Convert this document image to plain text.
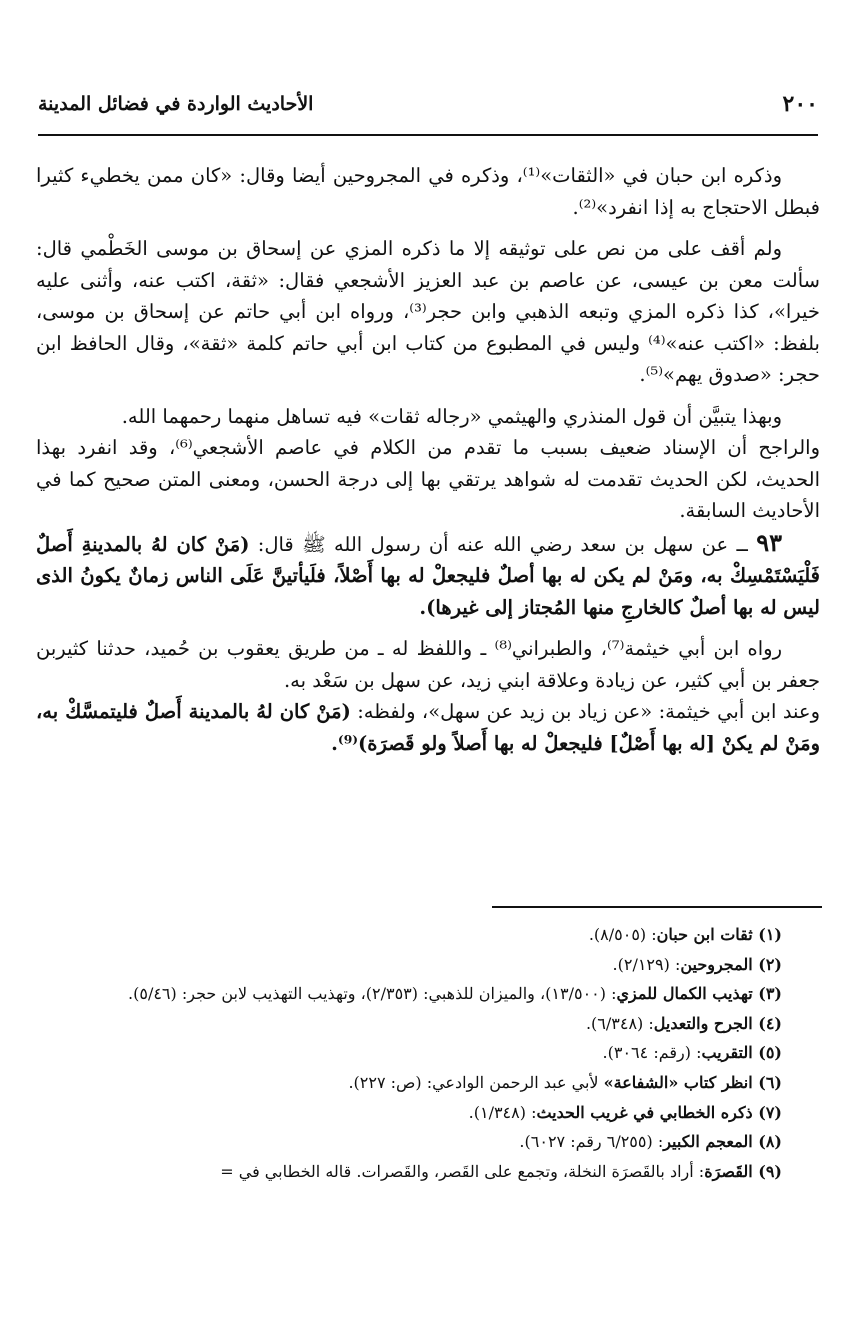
٢٠٠
الأحاديث الواردة في فضائل المدينة

وذكره ابن حبان في «الثقات»⁽¹⁾، وذكره في المجروحين أيضا وقال: «كان ممن يخطيء كثيرا فبطل الاحتجاج به إذا انفرد»⁽²⁾.

ولم أقف على من نص على توثيقه إلا ما ذكره المزي عن إسحاق بن موسى الخَطْمي قال: سألت معن بن عيسى، عن عاصم بن عبد العزيز الأشجعي فقال: «ثقة، اكتب عنه، وأثنى عليه خيرا»، كذا ذكره المزي وتبعه الذهبي وابن حجر⁽³⁾، ورواه ابن أبي حاتم عن إسحاق بن موسى، بلفظ: «اكتب عنه»⁽⁴⁾ وليس في المطبوع من كتاب ابن أبي حاتم كلمة «ثقة»، وقال الحافظ ابن حجر: «صدوق يهم»⁽⁵⁾.

وبهذا يتبيَّن أن قول المنذري والهيثمي «رجاله ثقات» فيه تساهل منهما رحمهما الله.

والراجح أن الإسناد ضعيف بسبب ما تقدم من الكلام في عاصم الأشجعي⁽⁶⁾، وقد انفرد بهذا الحديث، لكن الحديث تقدمت له شواهد يرتقي بها إلى درجة الحسن، ومعنى المتن صحيح كما في الأحاديث السابقة.

٩٣ ــ عن سهل بن سعد رضي الله عنه أن رسول الله ﷺ قال: (مَنْ كان لهُ بالمدينةِ أَصلٌ فَلْيَسْتَمْسِكْ به، ومَنْ لم يكن له بها أصلٌ فليجعلْ له بها أَصْلاً، فلَيأتينَّ عَلَى الناس زمانٌ يكونُ الذى ليس له بها أصلٌ كالخارجِ منها المُجتاز إلى غيرها).

رواه ابن أبي خيثمة⁽⁷⁾، والطبراني⁽⁸⁾ ـ واللفظ له ـ من طريق يعقوب بن حُميد، حدثنا كثيربن جعفر بن أبي كثير، عن زيادة وعلاقة ابني زيد، عن سهل بن سَعْد به.

وعند ابن أبي خيثمة: «عن زياد بن زيد عن سهل»، ولفظه: (مَنْ كان لهُ بالمدينة أَصلٌ فليتمسَّكْ به، ومَنْ لم يكنْ [له بها أَصْلٌ] فليجعلْ له بها أَصلاً ولو قَصرَة)⁽⁹⁾.

(١) ثقات ابن حبان: (٨/٥٠٥).

(٢) المجروحين: (٢/١٢٩).

(٣) تهذيب الكمال للمزي: (١٣/٥٠٠)، والميزان للذهبي: (٢/٣٥٣)، وتهذيب التهذيب لابن حجر: (٥/٤٦).

(٤) الجرح والتعديل: (٦/٣٤٨).

(٥) التقريب: (رقم: ٣٠٦٤).

(٦) انظر كتاب «الشفاعة» لأبي عبد الرحمن الوادعي: (ص: ٢٢٧).

(٧) ذكره الخطابي في غريب الحديث: (١/٣٤٨).

(٨) المعجم الكبير: (٦/٢٥٥ رقم: ٦٠٢٧).

(٩) القَصرَة: أراد بالقَصرَة النخلة، وتجمع على القَصر، والقَصرات. قاله الخطابي في =
